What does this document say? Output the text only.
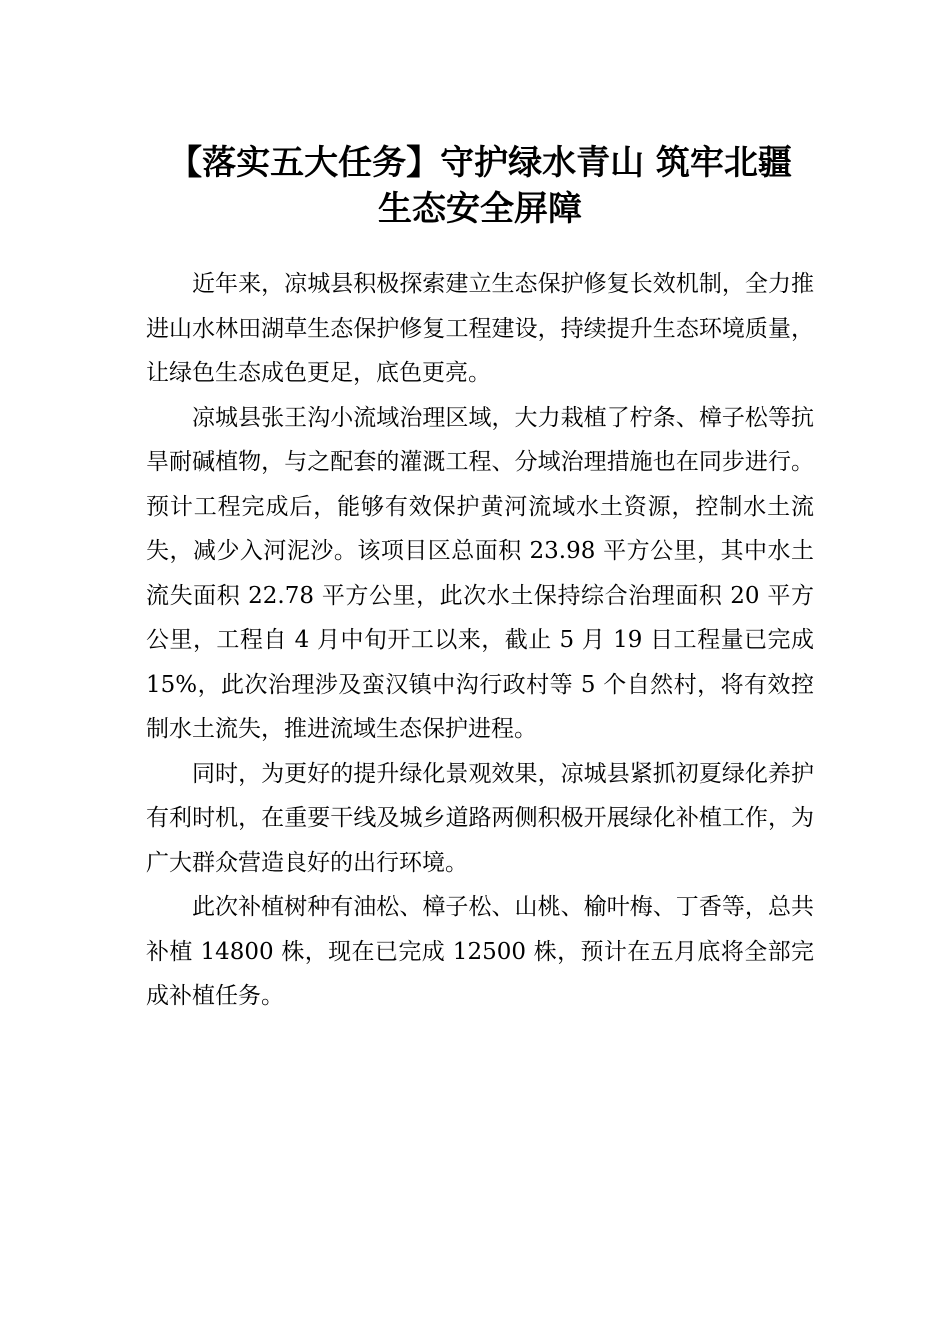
【落实五大任务】守护绿水青山 筑牢北疆
生态安全屏障

近年来，凉城县积极探索建立生态保护修复长效机制，全力推进山水林田湖草生态保护修复工程建设，持续提升生态环境质量，让绿色生态成色更足，底色更亮。

凉城县张王沟小流域治理区域，大力栽植了柠条、樟子松等抗旱耐碱植物，与之配套的灌溉工程、分域治理措施也在同步进行。预计工程完成后，能够有效保护黄河流域水土资源，控制水土流失，减少入河泥沙。该项目区总面积 23.98 平方公里，其中水土流失面积 22.78 平方公里，此次水土保持综合治理面积 20 平方公里，工程自 4 月中旬开工以来，截止 5 月 19 日工程量已完成 15%，此次治理涉及蛮汉镇中沟行政村等 5 个自然村，将有效控制水土流失，推进流域生态保护进程。

同时，为更好的提升绿化景观效果，凉城县紧抓初夏绿化养护有利时机，在重要干线及城乡道路两侧积极开展绿化补植工作，为广大群众营造良好的出行环境。

此次补植树种有油松、樟子松、山桃、榆叶梅、丁香等，总共补植 14800 株，现在已完成 12500 株，预计在五月底将全部完成补植任务。
